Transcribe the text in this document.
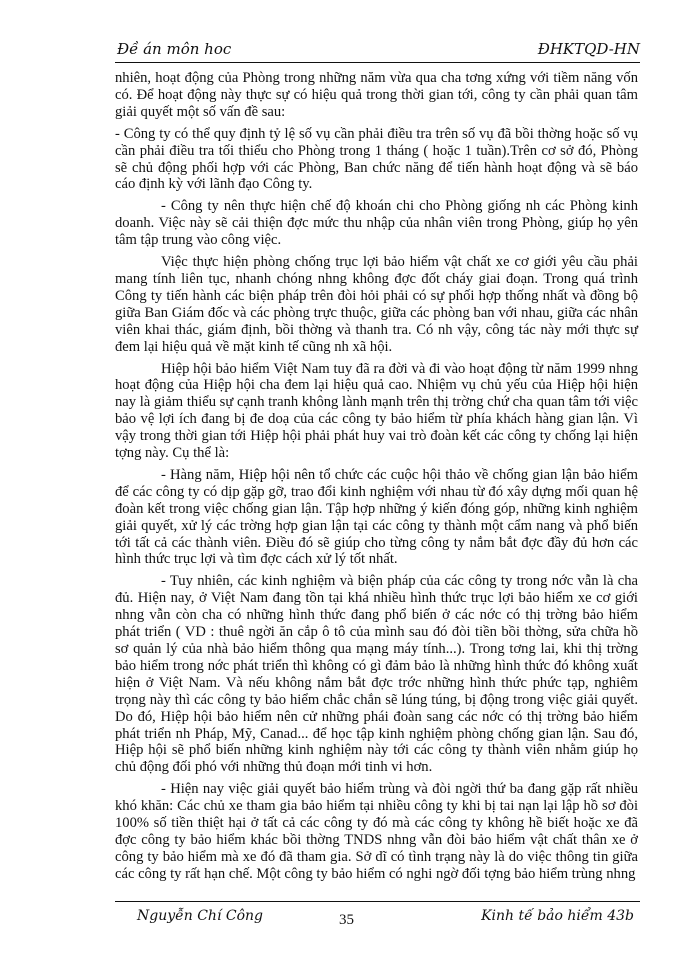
Đề án môn hoc	ĐHKTQD-HN

nhiên, hoạt động của Phòng trong những năm vừa qua cha tơng xứng với tiềm năng vốn có. Để hoạt động này thực sự có hiệu quả trong thời gian tới, công ty cần phải quan tâm giải quyết một số vấn đề sau:

- Công ty có thể quy định tỷ lệ số vụ cần phải điều tra trên số vụ đã bồi thờng hoặc số vụ cần phải điều tra tối thiểu cho Phòng trong 1 tháng ( hoặc 1 tuần).Trên cơ sở đó, Phòng sẽ chủ động phối hợp với các Phòng, Ban chức năng để tiến hành hoạt động và sẽ báo cáo định kỳ với lãnh đạo Công ty.

- Công ty nên thực hiện chế độ khoán chi cho Phòng giống nh các Phòng kinh doanh. Việc này sẽ cải thiện đợc mức thu nhập của nhân viên trong Phòng, giúp họ yên tâm tập trung vào công việc.

Việc thực hiện phòng chống trục lợi bảo hiểm vật chất xe cơ giới yêu cầu phải mang tính liên tục, nhanh chóng nhng không đợc đốt cháy giai đoạn. Trong quá trình Công ty tiến hành các biện pháp trên đòi hỏi phải có sự phối hợp thống nhất và đồng bộ giữa Ban Giám đốc và các phòng trực thuộc, giữa các phòng ban với nhau, giữa các nhân viên khai thác, giám định, bồi thờng và thanh tra. Có nh vậy, công tác này mới thực sự đem lại hiệu quả về mặt kinh tế cũng nh xã hội.

Hiệp hội bảo hiểm Việt Nam tuy đã ra đời và đi vào hoạt động từ năm 1999 nhng hoạt động của Hiệp hội cha đem lại hiệu quả cao. Nhiệm vụ chủ yếu của Hiệp hội hiện nay là giảm thiểu sự cạnh tranh không lành mạnh trên thị trờng chứ cha quan tâm tới việc bảo vệ lợi ích đang bị đe doạ của các công ty bảo hiểm từ phía khách hàng gian lận. Vì vậy trong thời gian tới Hiệp hội phải phát huy vai trò đoàn kết các công ty chống lại hiện tợng này. Cụ thể là:

- Hàng năm, Hiệp hội nên tổ chức các cuộc hội thảo về chống gian lận bảo hiểm để các công ty có dịp gặp gỡ, trao đổi kinh nghiệm với nhau từ đó xây dựng mối quan hệ đoàn kết trong việc chống gian lận. Tập hợp những ý kiến đóng góp, những kinh nghiệm giải quyết, xử lý các trờng hợp gian lận tại các công ty thành một cẩm nang và phổ biến tới tất cả các thành viên. Điều đó sẽ giúp cho từng công ty nắm bắt đợc đầy đủ hơn các hình thức trục lợi và tìm đợc cách xử lý tốt nhất.

- Tuy nhiên, các kinh nghiệm và biện pháp của các công ty trong nớc vẫn là cha đủ. Hiện nay, ở Việt Nam đang tồn tại khá nhiều hình thức trục lợi bảo hiểm xe cơ giới nhng vẫn còn cha có những hình thức đang phổ biến ở các nớc có thị trờng bảo hiểm phát triển ( VD : thuê ngời ăn cắp ô tô của mình sau đó đòi tiền bồi thờng, sửa chữa hồ sơ quản lý của nhà bảo hiểm thông qua mạng máy tính...). Trong tơng lai, khi thị trờng bảo hiểm trong nớc phát triển thì không có gì đảm bảo là những hình thức đó không xuất hiện ở Việt Nam. Và nếu không nắm bắt đợc trớc những hình thức phức tạp, nghiêm trọng này thì các công ty bảo hiểm chắc chắn sẽ lúng túng, bị động trong việc giải quyết. Do đó, Hiệp hội bảo hiểm nên cử những phái đoàn sang các nớc có thị trờng bảo hiểm phát triển nh Pháp, Mỹ, Canad... để học tập kinh nghiệm phòng chống gian lận. Sau đó, Hiệp hội sẽ phổ biến những kinh nghiệm này tới các công ty thành viên nhằm giúp họ chủ động đối phó với những thủ đoạn mới tinh vi hơn.

- Hiện nay việc giải quyết bảo hiểm trùng và đòi ngời thứ ba đang gặp rất nhiều khó khăn: Các chủ xe tham gia bảo hiểm tại nhiều công ty khi bị tai nạn lại lập hồ sơ đòi 100% số tiền thiệt hại ở tất cả các công ty đó mà các công ty không hề biết hoặc xe đã đợc công ty bảo hiểm khác bồi thờng TNDS nhng vẫn đòi bảo hiểm vật chất thân xe ở công ty bảo hiểm mà xe đó đã tham gia. Sở dĩ có tình trạng này là do việc thông tin giữa các công ty rất hạn chế. Một công ty bảo hiểm có nghi ngờ đối tợng bảo hiểm trùng nhng

Nguyễn Chí Công	35	Kinh tế bảo hiểm 43b
